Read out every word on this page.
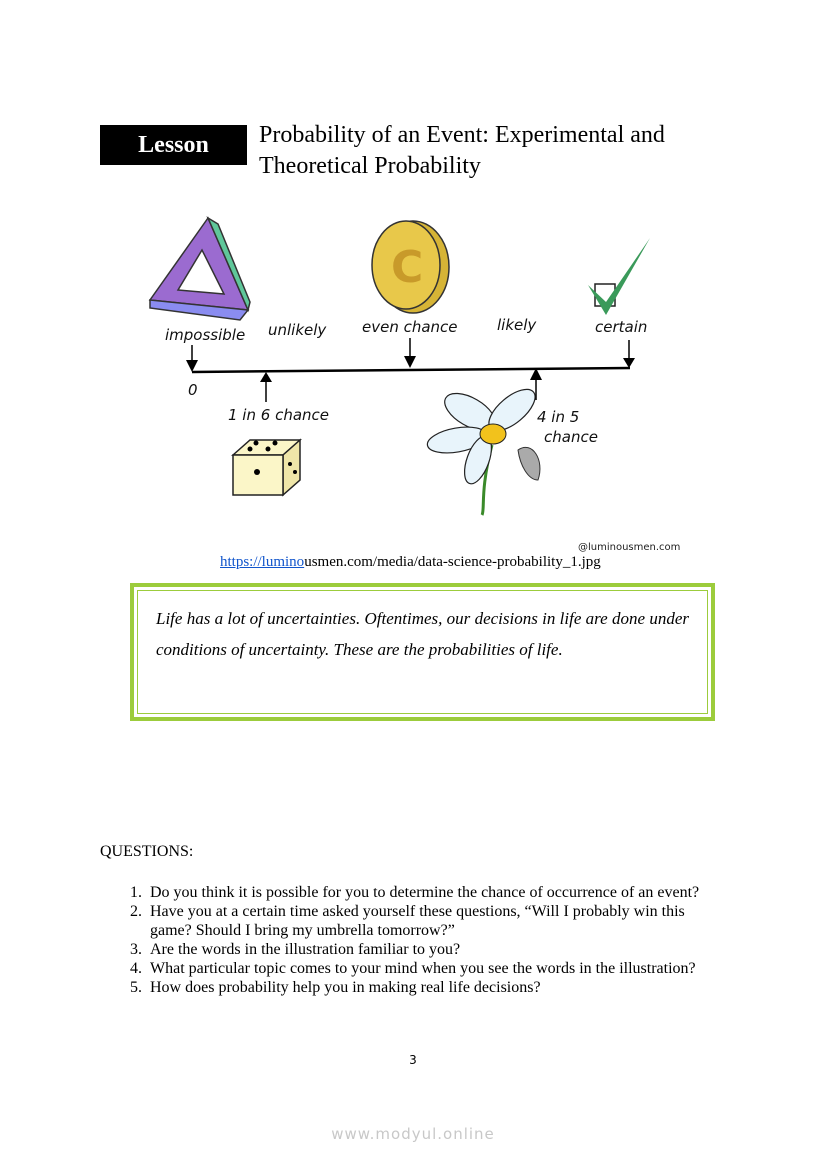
Lesson	Probability of an Event: Experimental and
Theoretical Probability
C
impossible unlikely even chance	likely	certain
0
1 in 6 chance	4 in 5
chance
@luminousmen.com
https://luminousmen.com/media/data-science-probability_1.jpg
Life has a lot of uncertainties. Oftentimes, our decisions in life are done under conditions of uncertainty. These are the probabilities of life.
QUESTIONS:
1. Do you think it is possible for you to determine the chance of occurrence of an event?
2. Have you at a certain time asked yourself these questions, “Will I probably win this game? Should I bring my umbrella tomorrow?”
3. Are the words in the illustration familiar to you?
4. What particular topic comes to your mind when you see the words in the illustration?
5. How does probability help you in making real life decisions?
3
www.modyul.online
